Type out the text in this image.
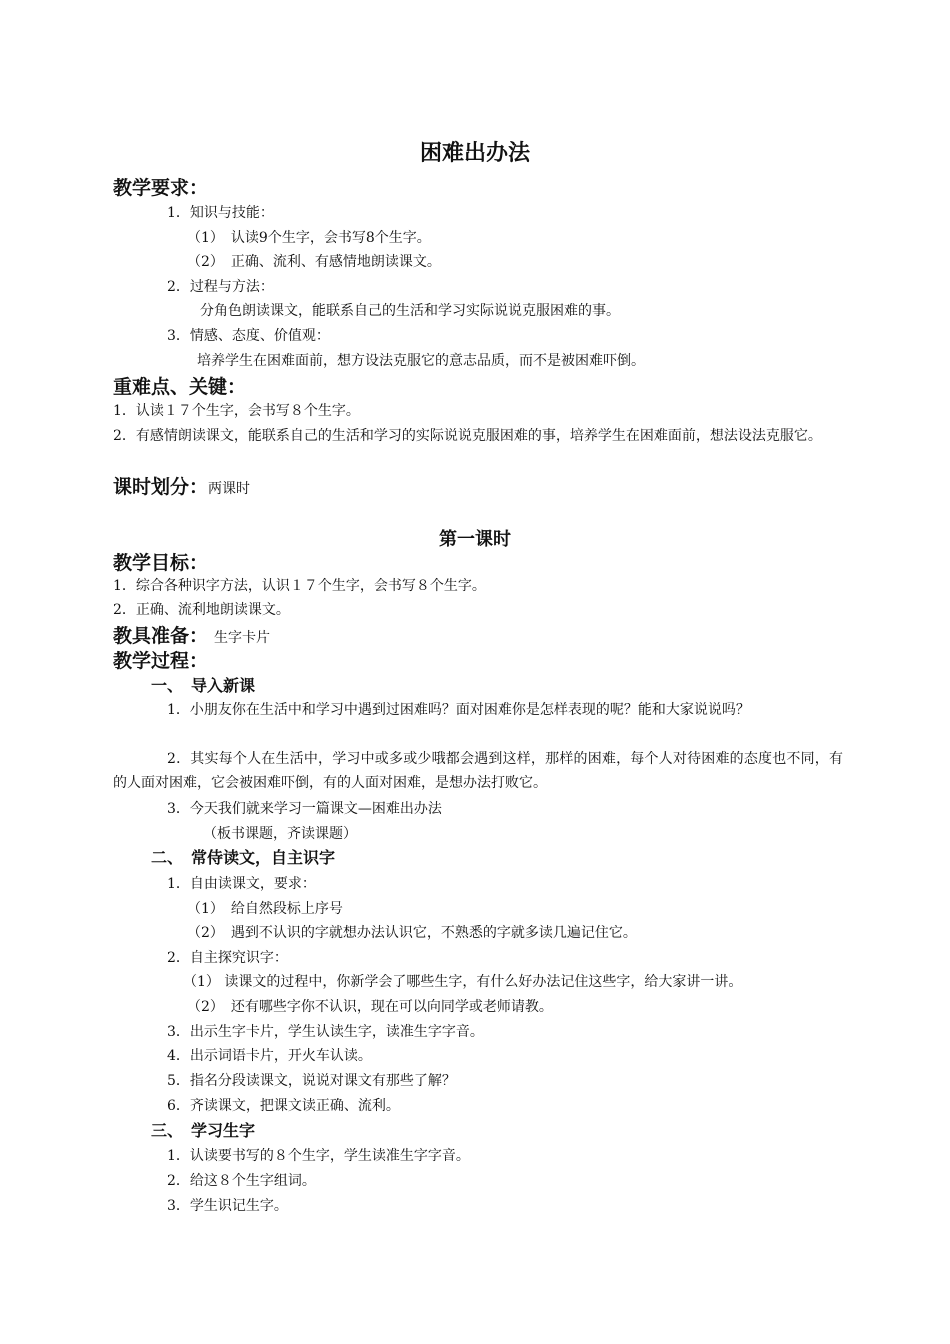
困难出办法
教学要求：
1．知识与技能：
（1）　认读9个生字，会书写8个生字。
（2）　正确、流利、有感情地朗读课文。
2．过程与方法：
分角色朗读课文，能联系自己的生活和学习实际说说克服困难的事。
3．情感、态度、价值观：
培养学生在困难面前，想方设法克服它的意志品质，而不是被困难吓倒。
重难点、关键：
1．认读１７个生字，会书写８个生字。
2．有感情朗读课文，能联系自己的生活和学习的实际说说克服困难的事，培养学生在困难面前，想法设法克服它。
课时划分：两课时
第一课时
教学目标：
1．综合各种识字方法，认识１７个生字，会书写８个生字。
2．正确、流利地朗读课文。
教具准备： 生字卡片
教学过程：
一、　导入新课
1．小朋友你在生活中和学习中遇到过困难吗？面对困难你是怎样表现的呢？能和大家说说吗？
2．其实每个人在生活中，学习中或多或少哦都会遇到这样，那样的困难，每个人对待困难的态度也不同，有的人面对困难，它会被困难吓倒，有的人面对困难，是想办法打败它。
3．今天我们就来学习一篇课文—困难出办法
（板书课题，齐读课题）
二、　常侍读文，自主识字
1．自由读课文，要求：
（1）　给自然段标上序号
（2）　遇到不认识的字就想办法认识它，不熟悉的字就多读几遍记住它。
2．自主探究识字：
（1） 读课文的过程中，你新学会了哪些生字，有什么好办法记住这些字，给大家讲一讲。
（2）　还有哪些字你不认识，现在可以向同学或老师请教。
3．出示生字卡片，学生认读生字，读准生字字音。
4．出示词语卡片，开火车认读。
5．指名分段读课文，说说对课文有那些了解？
6．齐读课文，把课文读正确、流利。
三、　学习生字
1．认读要书写的８个生字，学生读准生字字音。
2．给这８个生字组词。
3．学生识记生字。
